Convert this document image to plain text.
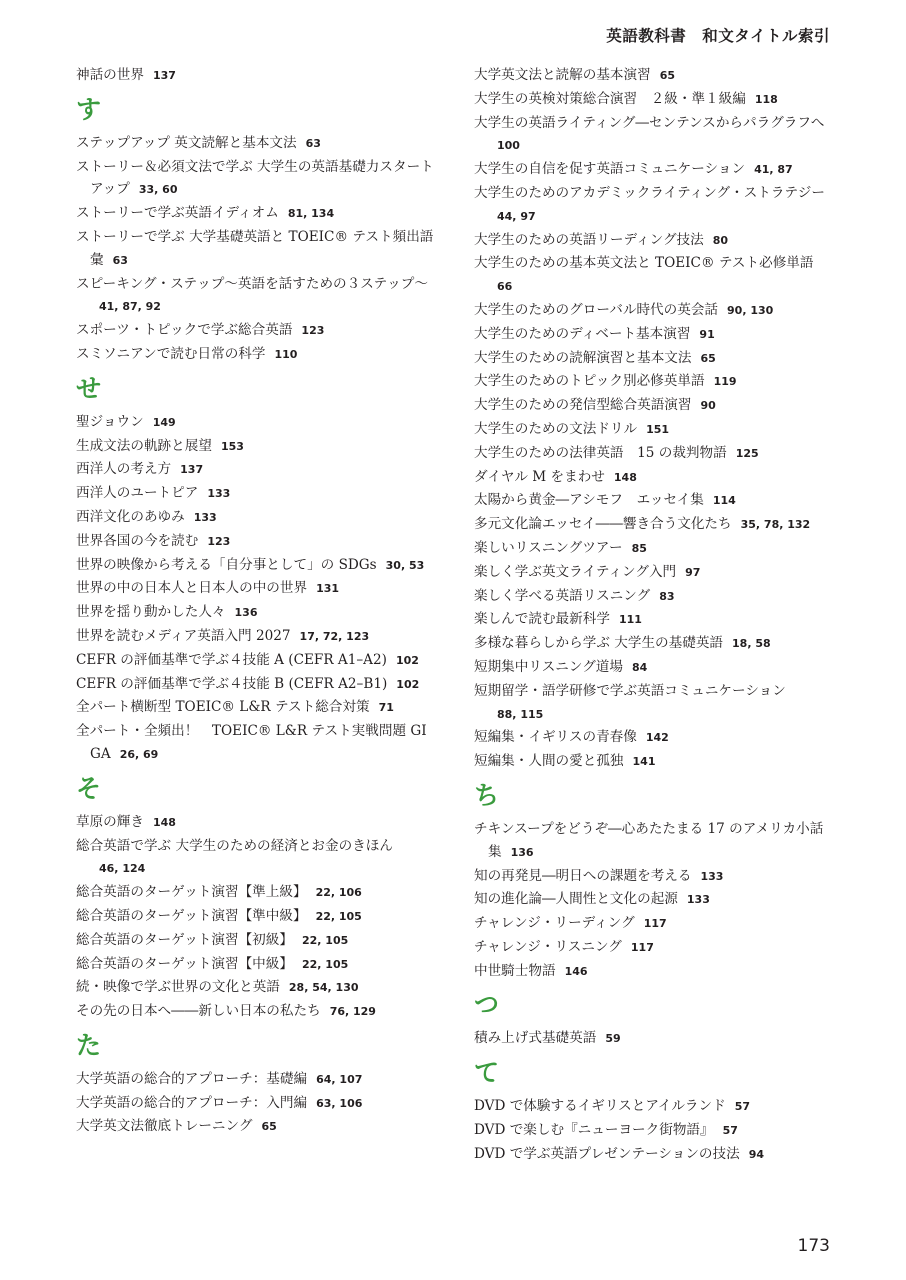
英語教科書　和文タイトル索引
神話の世界 137
す
ステップアップ 英文読解と基本文法 63
ストーリー＆必須文法で学ぶ 大学生の英語基礎力スタートアップ 33, 60
ストーリーで学ぶ英語イディオム 81, 134
ストーリーで学ぶ 大学基礎英語と TOEIC® テスト頻出語彙 63
スピーキング・ステップ～英語を話すための３ステップ～41, 87, 92
スポーツ・トピックで学ぶ総合英語 123
スミソニアンで読む日常の科学 110
せ
聖ジョウン 149
生成文法の軌跡と展望 153
西洋人の考え方 137
西洋人のユートピア 133
西洋文化のあゆみ 133
世界各国の今を読む 123
世界の映像から考える「自分事として」の SDGs 30, 53
世界の中の日本人と日本人の中の世界 131
世界を揺り動かした人々 136
世界を読むメディア英語入門 2027 17, 72, 123
CEFR の評価基準で学ぶ４技能 A (CEFR A1–A2) 102
CEFR の評価基準で学ぶ４技能 B (CEFR A2–B1) 102
全パート横断型 TOEIC® L&R テスト総合対策 71
全パート・全頻出！　TOEIC® L&R テスト実戦問題 GIGA 26, 69
そ
草原の輝き 148
総合英語で学ぶ 大学生のための経済とお金のきほん46, 124
総合英語のターゲット演習【準上級】 22, 106
総合英語のターゲット演習【準中級】 22, 105
総合英語のターゲット演習【初級】 22, 105
総合英語のターゲット演習【中級】 22, 105
続・映像で学ぶ世界の文化と英語 28, 54, 130
その先の日本へ――新しい日本の私たち 76, 129
た
大学英語の総合的アプローチ：基礎編 64, 107
大学英語の総合的アプローチ：入門編 63, 106
大学英文法徹底トレーニング 65
大学英文法と読解の基本演習 65
大学生の英検対策総合演習　２級・準１級編 118
大学生の英語ライティング―センテンスからパラグラフへ100
大学生の自信を促す英語コミュニケーション 41, 87
大学生のためのアカデミックライティング・ストラテジー44, 97
大学生のための英語リーディング技法 80
大学生のための基本英文法と TOEIC® テスト必修単語66
大学生のためのグローバル時代の英会話 90, 130
大学生のためのディベート基本演習 91
大学生のための読解演習と基本文法 65
大学生のためのトピック別必修英単語 119
大学生のための発信型総合英語演習 90
大学生のための文法ドリル 151
大学生のための法律英語　15 の裁判物語 125
ダイヤル M をまわせ 148
太陽から黄金―アシモフ　エッセイ集 114
多元文化論エッセイ――響き合う文化たち 35, 78, 132
楽しいリスニングツアー 85
楽しく学ぶ英文ライティング入門 97
楽しく学べる英語リスニング 83
楽しんで読む最新科学 111
多様な暮らしから学ぶ 大学生の基礎英語 18, 58
短期集中リスニング道場 84
短期留学・語学研修で学ぶ英語コミュニケーション88, 115
短編集・イギリスの青春像 142
短編集・人間の愛と孤独 141
ち
チキンスープをどうぞ―心あたたまる 17 のアメリカ小話集 136
知の再発見―明日への課題を考える 133
知の進化論―人間性と文化の起源 133
チャレンジ・リーディング 117
チャレンジ・リスニング 117
中世騎士物語 146
つ
積み上げ式基礎英語 59
て
DVD で体験するイギリスとアイルランド 57
DVD で楽しむ『ニューヨーク街物語』 57
DVD で学ぶ英語プレゼンテーションの技法 94
173
